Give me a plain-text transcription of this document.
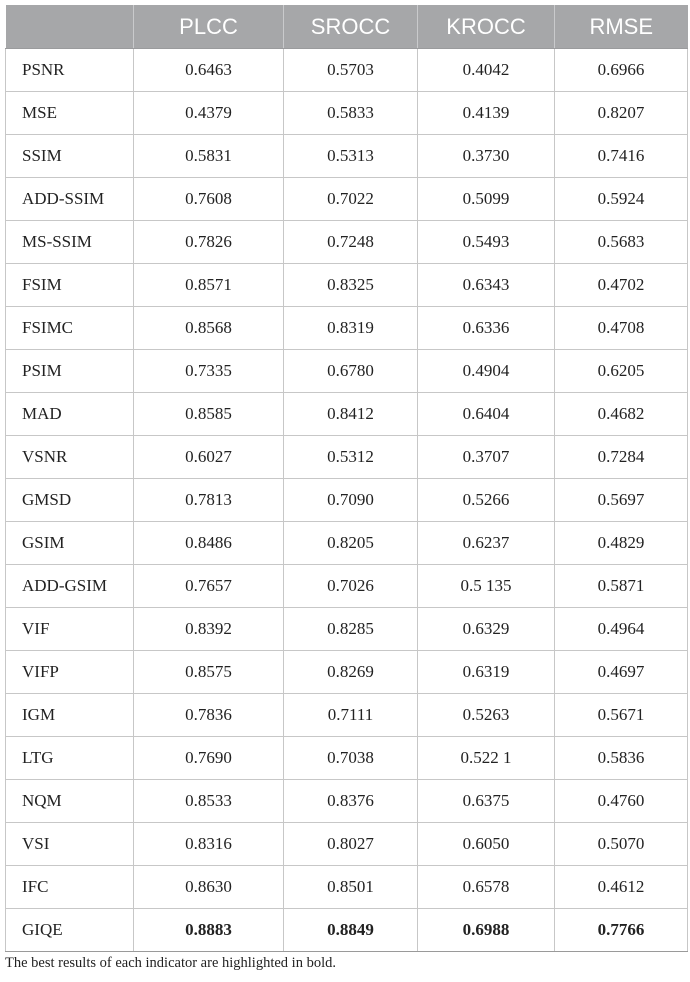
	PLCC	SROCC	KROCC	RMSE
PSNR	0.6463	0.5703	0.4042	0.6966
MSE	0.4379	0.5833	0.4139	0.8207
SSIM	0.5831	0.5313	0.3730	0.7416
ADD-SSIM	0.7608	0.7022	0.5099	0.5924
MS-SSIM	0.7826	0.7248	0.5493	0.5683
FSIM	0.8571	0.8325	0.6343	0.4702
FSIMC	0.8568	0.8319	0.6336	0.4708
PSIM	0.7335	0.6780	0.4904	0.6205
MAD	0.8585	0.8412	0.6404	0.4682
VSNR	0.6027	0.5312	0.3707	0.7284
GMSD	0.7813	0.7090	0.5266	0.5697
GSIM	0.8486	0.8205	0.6237	0.4829
ADD-GSIM	0.7657	0.7026	0.5 135	0.5871
VIF	0.8392	0.8285	0.6329	0.4964
VIFP	0.8575	0.8269	0.6319	0.4697
IGM	0.7836	0.7111	0.5263	0.5671
LTG	0.7690	0.7038	0.522 1	0.5836
NQM	0.8533	0.8376	0.6375	0.4760
VSI	0.8316	0.8027	0.6050	0.5070
IFC	0.8630	0.8501	0.6578	0.4612
GIQE	0.8883	0.8849	0.6988	0.7766
The best results of each indicator are highlighted in bold.
